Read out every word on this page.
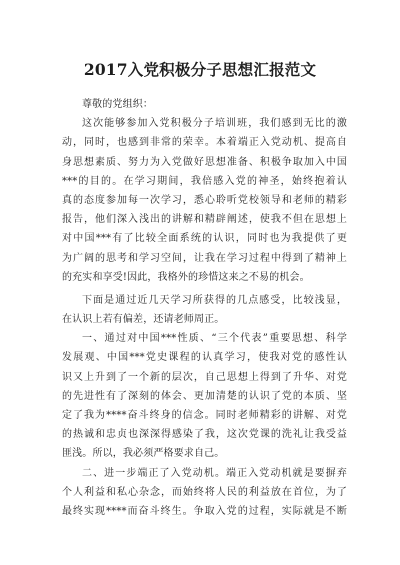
2017入党积极分子思想汇报范文
尊敬的党组织：
这次能够参加入党积极分子培训班，我们感到无比的激
动，同时，也感到非常的荣幸。本着端正入党动机、提高自
身思想素质、努力为入党做好思想准备、积极争取加入中国
***的目的。在学习期间，我倍感入党的神圣，始终抱着认
真的态度参加每一次学习，悉心聆听党校领导和老师的精彩
报告，他们深入浅出的讲解和精辟阐述，使我不但在思想上
对中国***有了比较全面系统的认识，同时也为我提供了更
为广阔的思考和学习空间，让我在学习过程中得到了精神上
的充实和享受!因此，我格外的珍惜这来之不易的机会。
下面是通过近几天学习所获得的几点感受，比较浅显，
在认识上若有偏差，还请老师周正。
一、通过对中国***性质、“三个代表”重要思想、科学
发展观、中国***党史课程的认真学习，使我对党的感性认
识又上升到了一个新的层次，自己思想上得到了升华、对党
的先进性有了深刻的体会、更加清楚的认识了党的本质、坚
定了我为****奋斗终身的信念。同时老师精彩的讲解、对党
的热诚和忠贞也深深得感染了我，这次党课的洗礼让我受益
匪浅。所以，我必须严格要求自己。
二、进一步端正了入党动机。端正入党动机就是要摒弃
个人利益和私心杂念，而始终将人民的利益放在首位，为了
最终实现****而奋斗终生。争取入党的过程，实际就是不断
